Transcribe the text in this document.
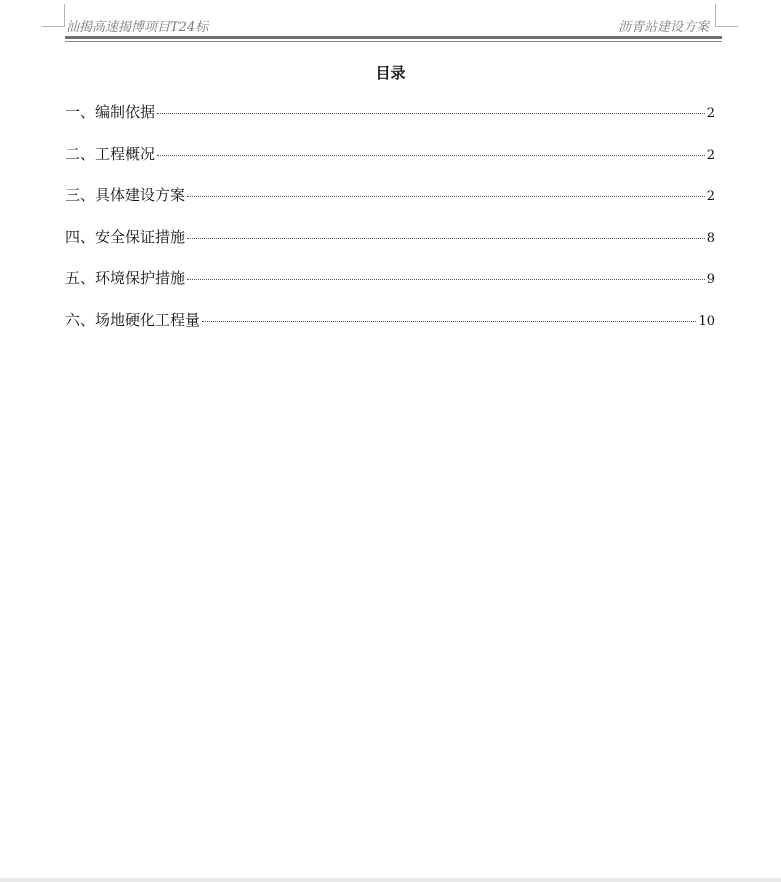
汕揭高速揭博项目T24标	沥青站建设方案
目录
一、编制依据	2
二、工程概况	2
三、具体建设方案	2
四、安全保证措施	8
五、环境保护措施	9
六、场地硬化工程量	10
